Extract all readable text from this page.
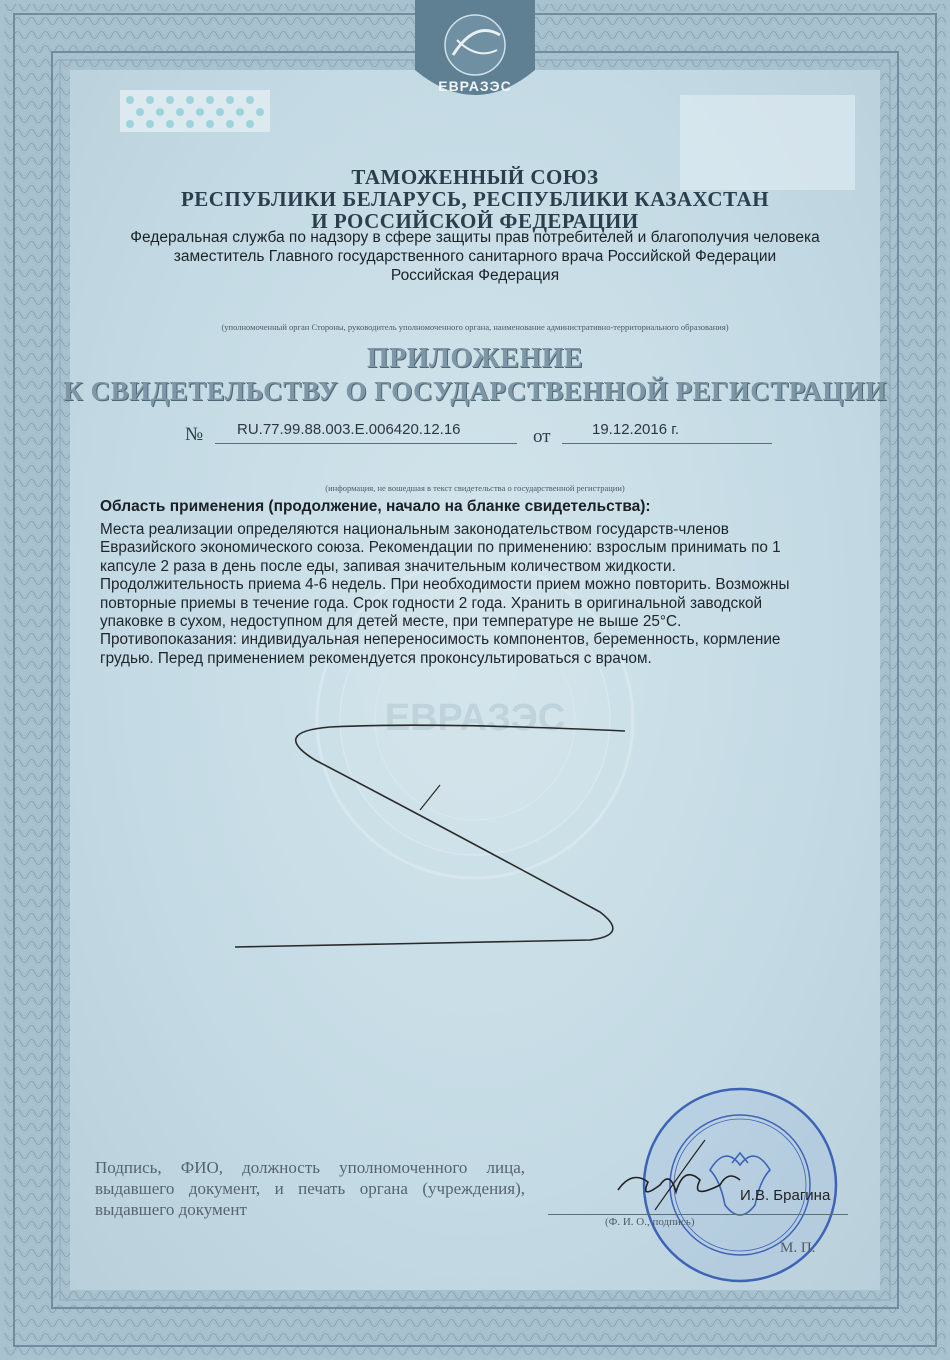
ЕВРАЗЭС
ЕВРАЗЭС
ТАМОЖЕННЫЙ СОЮЗ
РЕСПУБЛИКИ БЕЛАРУСЬ, РЕСПУБЛИКИ КАЗАХСТАН
И РОССИЙСКОЙ ФЕДЕРАЦИИ
Федеральная служба по надзору в сфере защиты прав потребителей и благополучия человека
заместитель Главного государственного санитарного врача Российской Федерации
Российская Федерация
(уполномоченный орган Стороны, руководитель уполномоченного органа, наименование административно-территориального образования)
ПРИЛОЖЕНИЕ
К СВИДЕТЕЛЬСТВУ О ГОСУДАРСТВЕННОЙ РЕГИСТРАЦИИ
№ RU.77.99.88.003.E.006420.12.16	от	19.12.2016 г.
(информация, не вошедшая в текст свидетельства о государственной регистрации)
Область применения (продолжение, начало на бланке свидетельства):
Места реализации определяются национальным законодательством государств-членов
Евразийского экономического союза. Рекомендации по применению: взрослым принимать по 1
капсуле 2 раза в день после еды, запивая значительным количеством жидкости.
Продолжительность приема 4-6 недель. При необходимости прием можно повторить. Возможны
повторные приемы в течение года. Срок годности 2 года. Хранить в оригинальной заводской
упаковке в сухом, недоступном для детей месте, при температуре не выше 25°С.
Противопоказания: индивидуальная непереносимость компонентов, беременность, кормление
грудью. Перед применением рекомендуется проконсультироваться с врачом.
Подпись, ФИО, должность уполномоченного лица, выдавшего документ, и печать органа (учреждения), выдавшего документ
И.В. Брагина
(Ф. И. О., подпись)
М. П.
